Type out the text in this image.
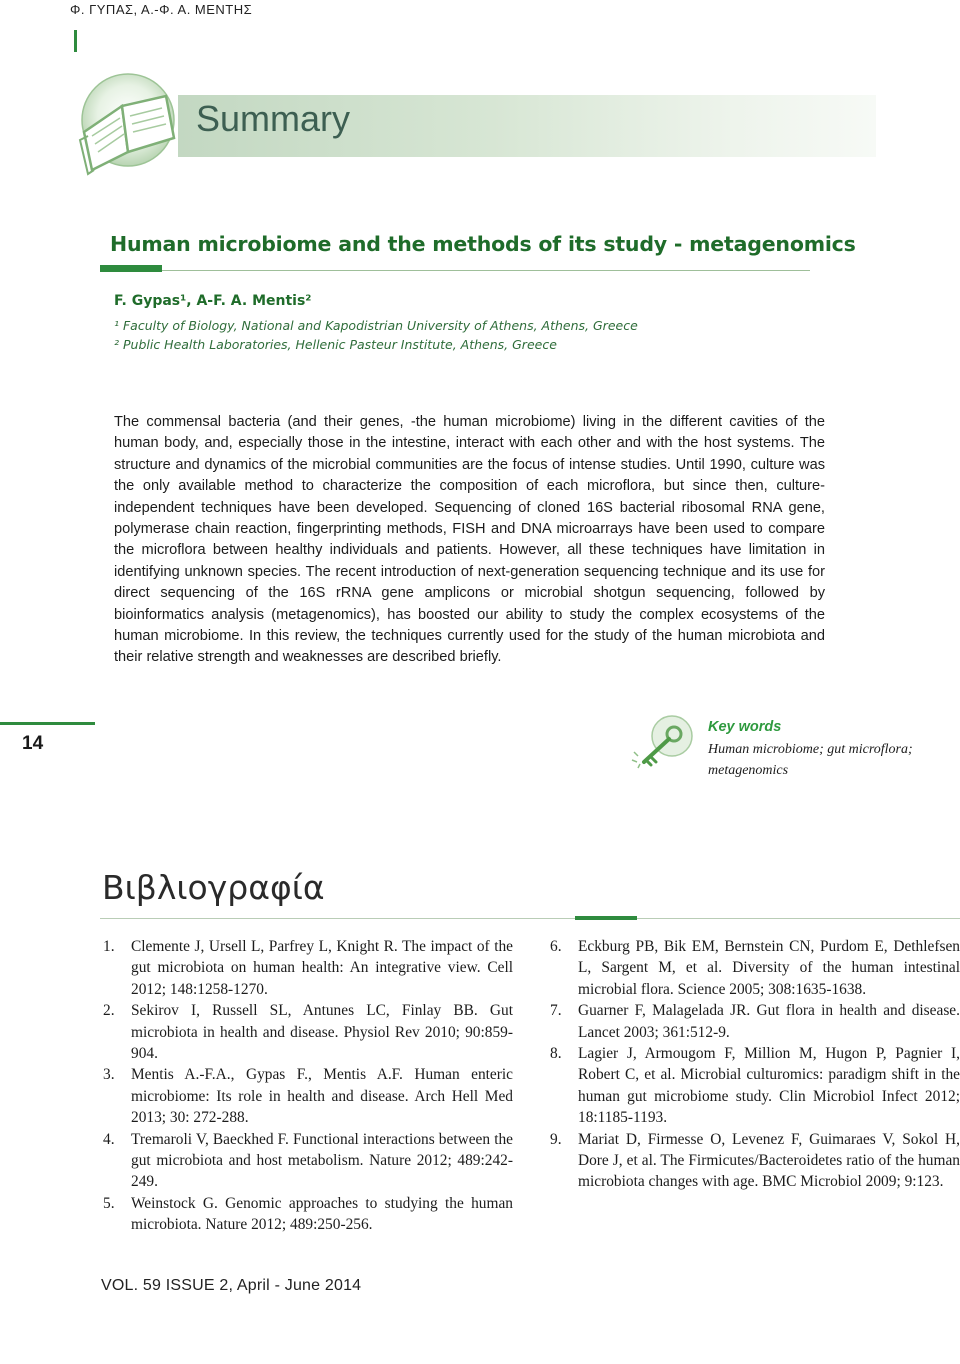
Φ. ΓΥΠΑΣ, Α.-Φ. Α. ΜΕΝΤΗΣ
Summary
Human microbiome and the methods of its study - metagenomics
F. Gypas¹, A-F. A. Mentis²
¹ Faculty of Biology, National and Kapodistrian University of Athens, Athens, Greece
² Public Health Laboratories, Hellenic Pasteur Institute, Athens, Greece
The commensal bacteria (and their genes, -the human microbiome) living in the different cavities of the human body, and, especially those in the intestine, interact with each other and with the host systems. The structure and dynamics of the microbial communities are the focus of intense studies. Until 1990, culture was the only available method to characterize the composition of each microflora, but since then, culture-independent techniques have been developed. Sequencing of cloned 16S bacterial ribosomal RNA gene, polymerase chain reaction, fingerprinting methods, FISH and DNA microarrays have been used to compare the microflora between healthy individuals and patients. However, all these techniques have limitation in identifying unknown species. The recent introduction of next-generation sequencing technique and its use for direct sequencing of the 16S rRNA gene amplicons or microbial shotgun sequencing, followed by bioinformatics analysis (metagenomics), has boosted our ability to study the complex ecosystems of the human microbiome. In this review, the techniques currently used for the study of the human microbiota and their relative strength and weaknesses are described briefly.
14
Key words
Human microbiome; gut microflora; metagenomics
Βιβλιογραφία
1.	Clemente J, Ursell L, Parfrey L, Knight R. The impact of the gut microbiota on human health: An integrative view. Cell 2012; 148:1258-1270.
2.	Sekirov I, Russell SL, Antunes LC, Finlay BB. Gut microbiota in health and disease. Physiol Rev 2010; 90:859-904.
3.	Mentis A.-F.A., Gypas F., Mentis A.F. Human enteric microbiome: Its role in health and disease. Arch Hell Med 2013; 30: 272-288.
4.	Tremaroli V, Baeckhed F. Functional interactions between the gut microbiota and host metabolism. Nature 2012; 489:242-249.
5.	Weinstock G. Genomic approaches to studying the human microbiota. Nature 2012; 489:250-256.
6.	Eckburg PB, Bik EM, Bernstein CN, Purdom E, Dethlefsen L, Sargent M, et al. Diversity of the human intestinal microbial flora. Science 2005; 308:1635-1638.
7.	Guarner F, Malagelada JR. Gut flora in health and disease. Lancet 2003; 361:512-9.
8.	Lagier J, Armougom F, Million M, Hugon P, Pagnier I, Robert C, et al. Microbial culturomics: paradigm shift in the human gut microbiome study. Clin Microbiol Infect 2012; 18:1185-1193.
9.	Mariat D, Firmesse O, Levenez F, Guimaraes V, Sokol H, Dore J, et al. The Firmicutes/Bacteroidetes ratio of the human microbiota changes with age. BMC Microbiol 2009; 9:123.
VOL. 59 ISSUE 2, April - June 2014
